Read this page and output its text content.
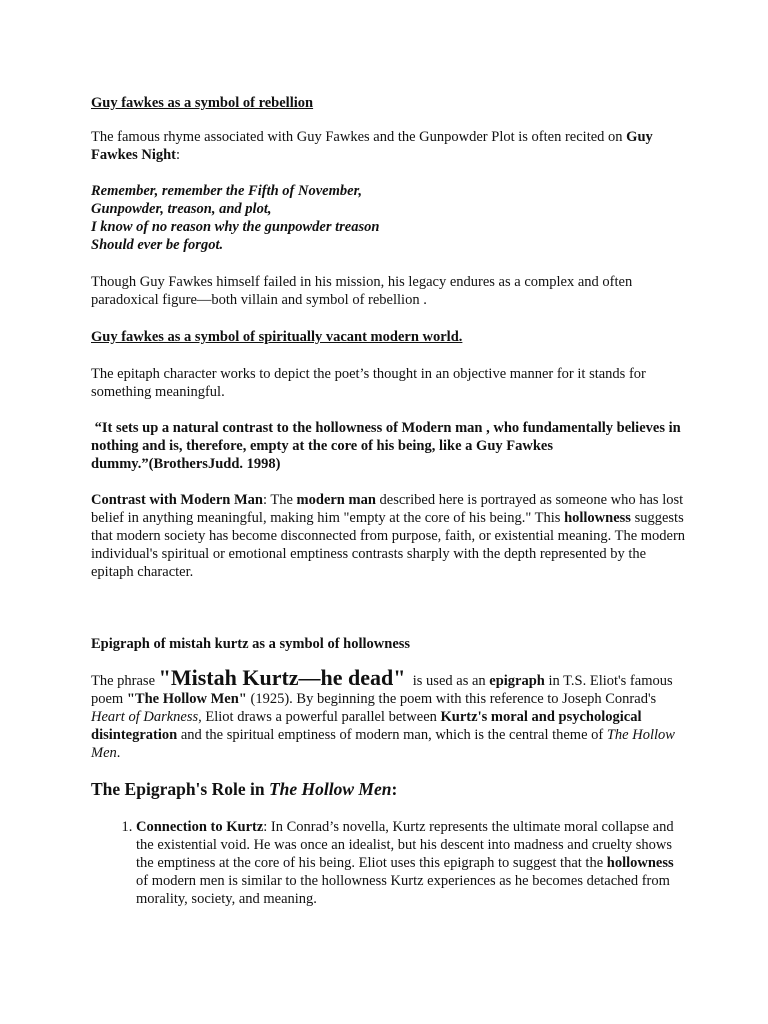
Guy fawkes as a symbol of rebellion

The famous rhyme associated with Guy Fawkes and the Gunpowder Plot is often recited on Guy Fawkes Night:

Remember, remember the Fifth of November,

Gunpowder, treason, and plot,

I know of no reason why the gunpowder treason

Should ever be forgot.

Though Guy Fawkes himself failed in his mission, his legacy endures as a complex and often paradoxical figure—both villain and symbol of rebellion .

Guy fawkes as a symbol of spiritually vacant modern world.

The epitaph character works to depict the poet’s thought in an objective manner for it stands for something meaningful.

“It sets up a natural contrast to the hollowness of Modern man , who fundamentally believes in nothing and is, therefore, empty at the core of his being, like a Guy Fawkes dummy.”(BrothersJudd. 1998)

Contrast with Modern Man: The modern man described here is portrayed as someone who has lost belief in anything meaningful, making him "empty at the core of his being." This hollowness suggests that modern society has become disconnected from purpose, faith, or existential meaning. The modern individual's spiritual or emotional emptiness contrasts sharply with the depth represented by the epitaph character.

Epigraph of mistah kurtz as a symbol of hollowness

The phrase "Mistah Kurtz—he dead"  is used as an epigraph in T.S. Eliot's famous poem "The Hollow Men" (1925). By beginning the poem with this reference to Joseph Conrad's Heart of Darkness, Eliot draws a powerful parallel between Kurtz's moral and psychological disintegration and the spiritual emptiness of modern man, which is the central theme of The Hollow Men.

The Epigraph's Role in The Hollow Men:

1. Connection to Kurtz: In Conrad’s novella, Kurtz represents the ultimate moral collapse and the existential void. He was once an idealist, but his descent into madness and cruelty shows the emptiness at the core of his being. Eliot uses this epigraph to suggest that the hollowness of modern men is similar to the hollowness Kurtz experiences as he becomes detached from morality, society, and meaning.
